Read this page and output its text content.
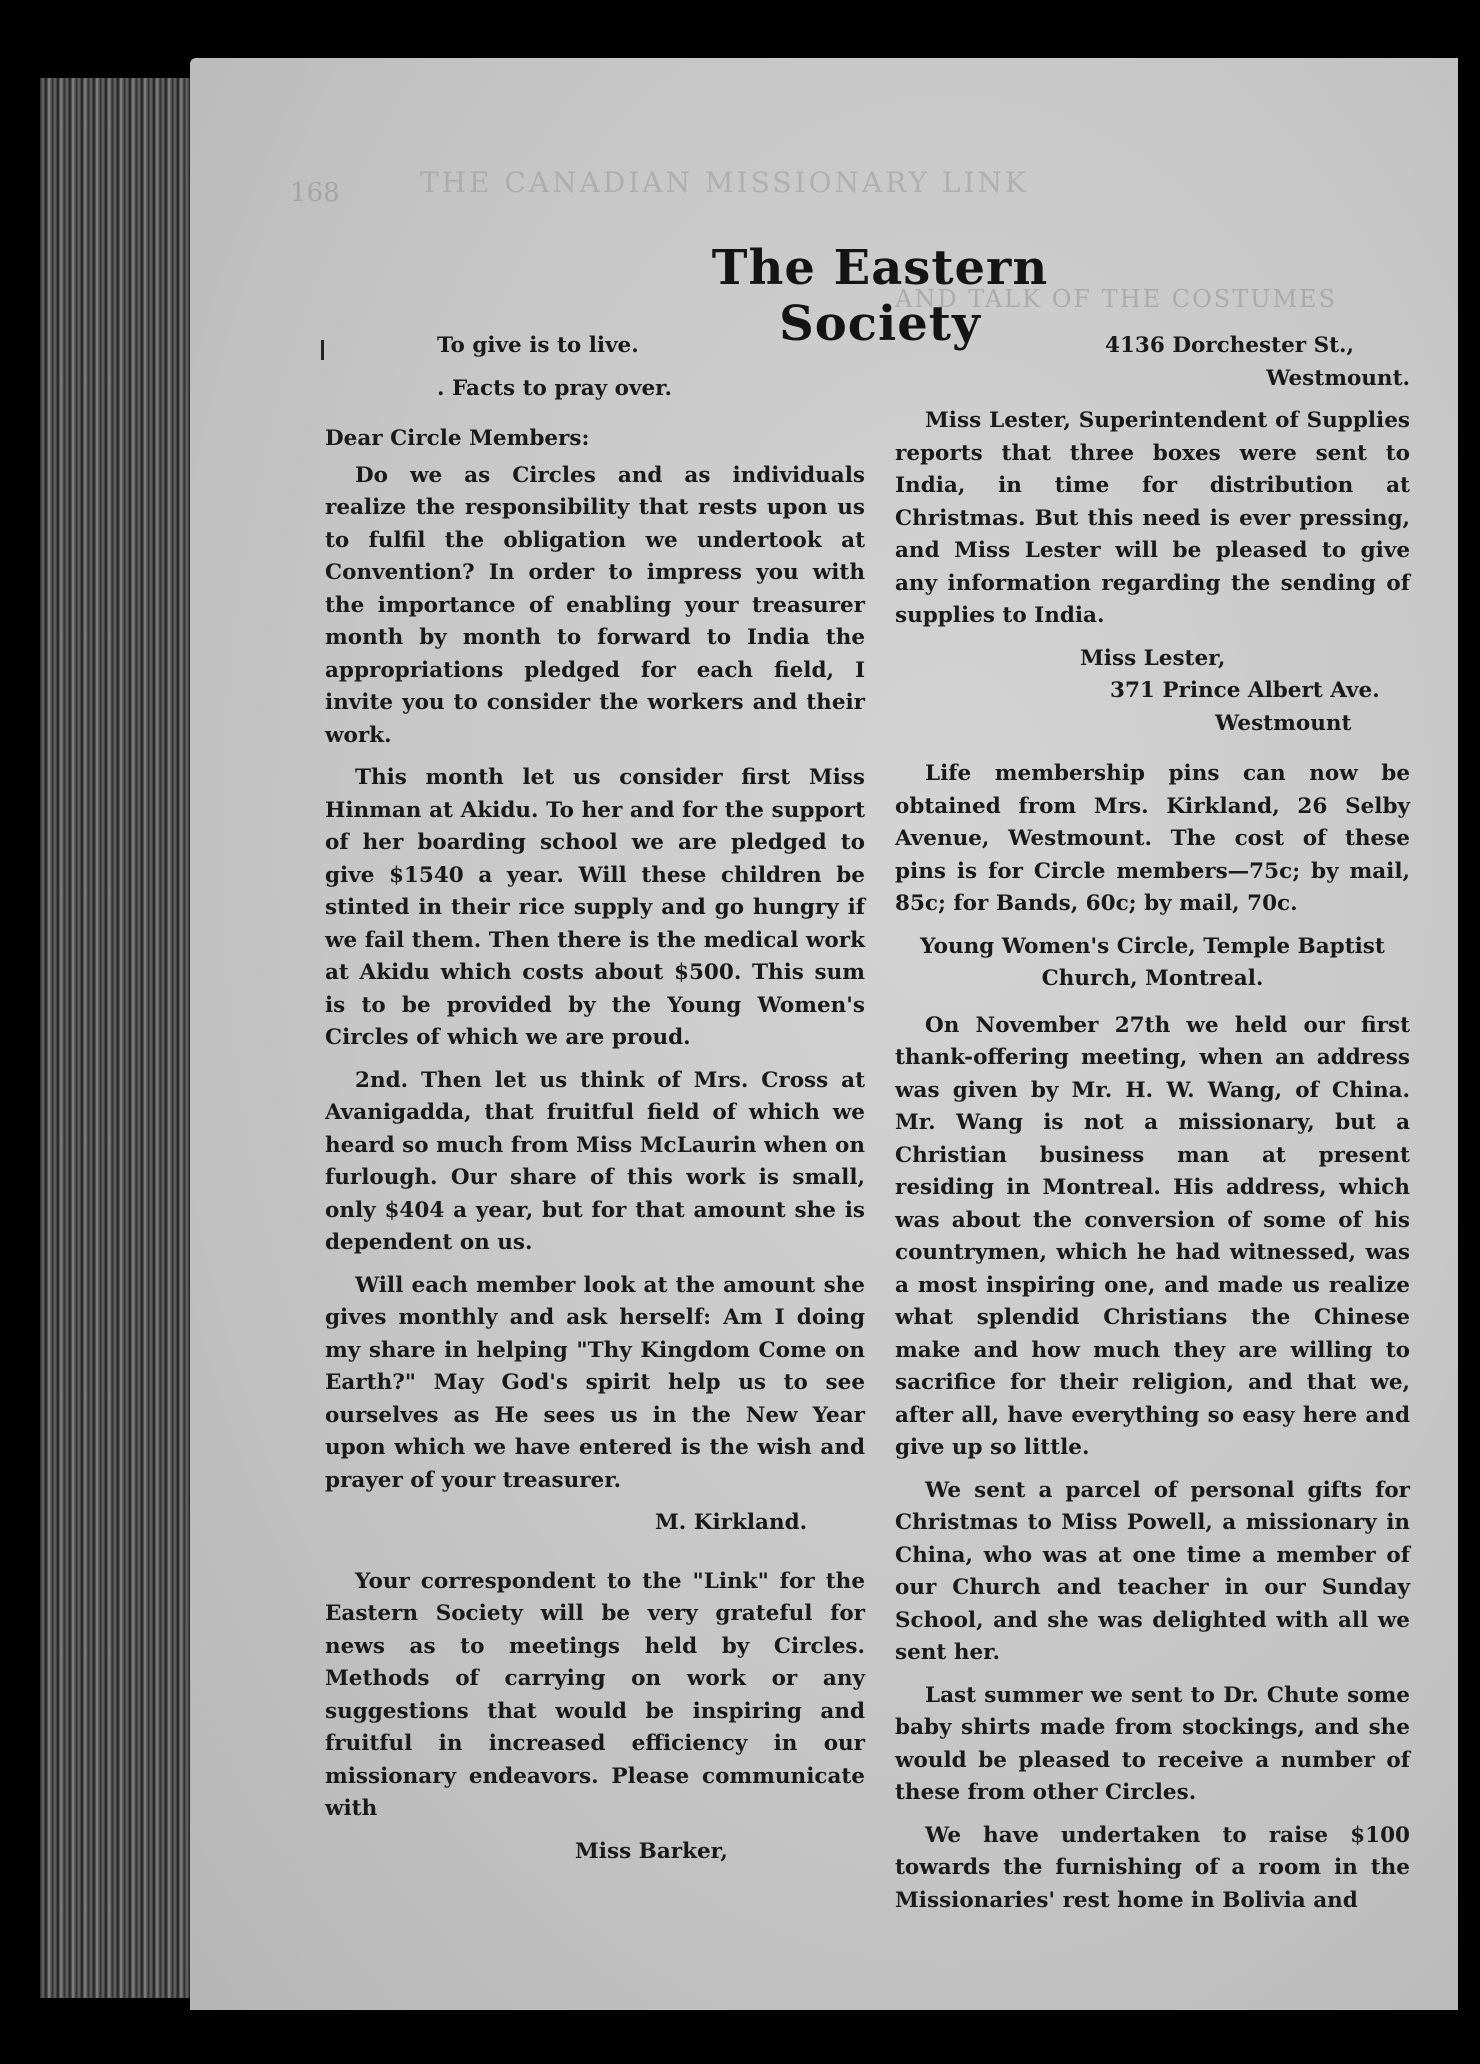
168	THE CANADIAN MISSIONARY LINK
AND TALK OF THE COSTUMES
The Eastern Society

To give is to live.

. Facts to pray over.

Dear Circle Members:

Do we as Circles and as individuals realize the responsibility that rests upon us to fulfil the obligation we undertook at Convention? In order to impress you with the importance of enabling your treasurer month by month to forward to India the appropriations pledged for each field, I invite you to consider the workers and their work.

This month let us consider first Miss Hinman at Akidu. To her and for the support of her boarding school we are pledged to give $1540 a year. Will these children be stinted in their rice supply and go hungry if we fail them. Then there is the medical work at Akidu which costs about $500. This sum is to be provided by the Young Women's Circles of which we are proud.

2nd. Then let us think of Mrs. Cross at Avanigadda, that fruitful field of which we heard so much from Miss McLaurin when on furlough. Our share of this work is small, only $404 a year, but for that amount she is dependent on us.

Will each member look at the amount she gives monthly and ask herself: Am I doing my share in helping "Thy Kingdom Come on Earth?" May God's spirit help us to see ourselves as He sees us in the New Year upon which we have entered is the wish and prayer of your treasurer.

M. Kirkland.

Your correspondent to the "Link" for the Eastern Society will be very grateful for news as to meetings held by Circles. Methods of carrying on work or any suggestions that would be inspiring and fruitful in increased efficiency in our missionary endeavors. Please communicate with

Miss Barker,

4136 Dorchester St.,

Westmount.

Miss Lester, Superintendent of Supplies reports that three boxes were sent to India, in time for distribution at Christmas. But this need is ever pressing, and Miss Lester will be pleased to give any information regarding the sending of supplies to India.

Miss Lester,

371 Prince Albert Ave.

Westmount

Life membership pins can now be obtained from Mrs. Kirkland, 26 Selby Avenue, Westmount. The cost of these pins is for Circle members—75c; by mail, 85c; for Bands, 60c; by mail, 70c.

Young Women's Circle, Temple Baptist Church, Montreal.

On November 27th we held our first thank-offering meeting, when an address was given by Mr. H. W. Wang, of China. Mr. Wang is not a missionary, but a Christian business man at present residing in Montreal. His address, which was about the conversion of some of his countrymen, which he had witnessed, was a most inspiring one, and made us realize what splendid Christians the Chinese make and how much they are willing to sacrifice for their religion, and that we, after all, have everything so easy here and give up so little.

We sent a parcel of personal gifts for Christmas to Miss Powell, a missionary in China, who was at one time a member of our Church and teacher in our Sunday School, and she was delighted with all we sent her.

Last summer we sent to Dr. Chute some baby shirts made from stockings, and she would be pleased to receive a number of these from other Circles.

We have undertaken to raise $100 towards the furnishing of a room in the Missionaries' rest home in Bolivia and
